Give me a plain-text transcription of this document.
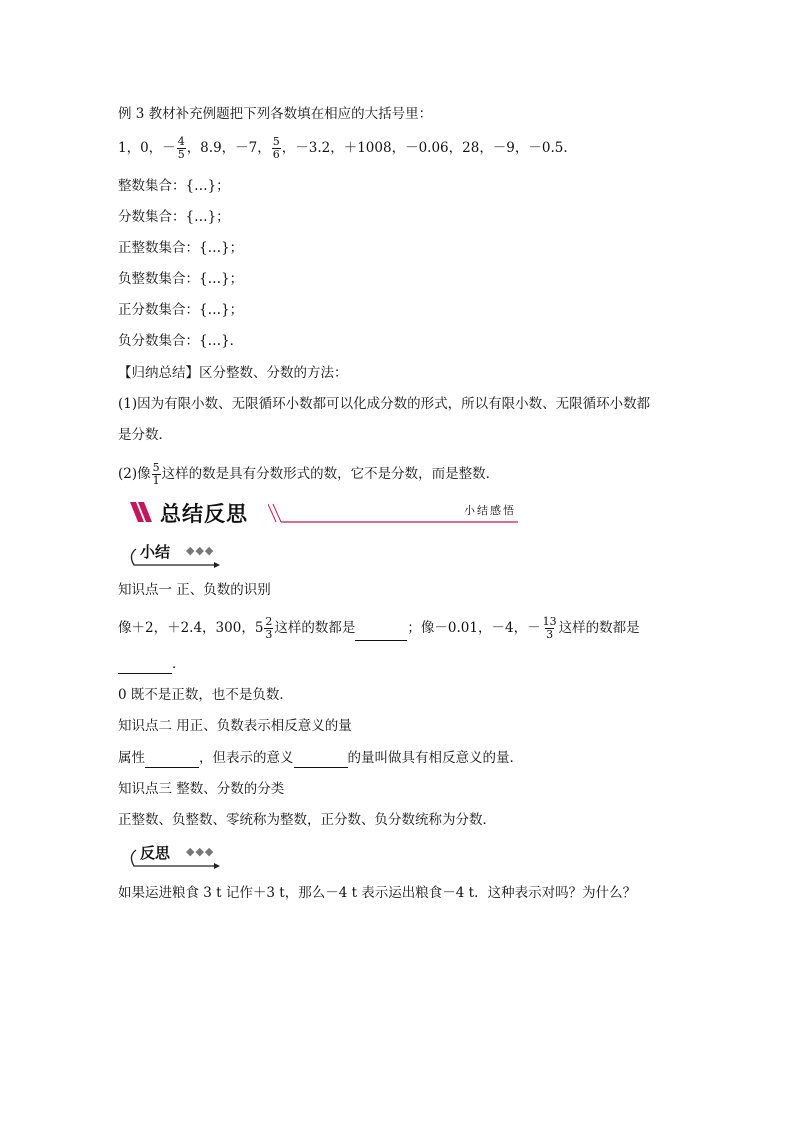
例 3 教材补充例题把下列各数填在相应的大括号里：
1，0，－ $\frac{4}{5}$ ，8.9，－7， $\frac{5}{6}$ ，－3.2，＋1008，－0.06，28，－9，－0.5 ..
整数集合：{…}；
分数集合：{…}；
正整数集合：{…}；
负整数集合：{…}；
正分数集合：{…}；
负分数集合：{…}．
【归纳总结】区分整数、分数的方法：
(1)因为有限小数、无限循环小数都可以化成分数的形式，所以有限小数、无限循环小数都
是分数．
(2)像 $\frac{5}{1}$ 这样的数是具有分数形式的数，它不是分数，而是整数．
总结反思	小结感悟
小结 ◆◆◆
知识点一 正、负数的识别
像＋2，＋2.4，300，$5 \frac{2}{3}$ 这样的数都是	；像－0.01，－4，－ $\frac{13}{3}$ 这样的数都是
．
0 既不是正数，也不是负数．
知识点二 用正、负数表示相反意义的量
属性	，但表示的意义	的量叫做具有相反意义的量．
知识点三 整数、分数的分类
正整数、负整数、零统称为整数，正分数、负分数统称为分数．
反思 ◆◆◆
如果运进粮食 3 t 记作＋3 t，那么－4 t 表示运出粮食－4 t．这种表示对吗？为什么？
